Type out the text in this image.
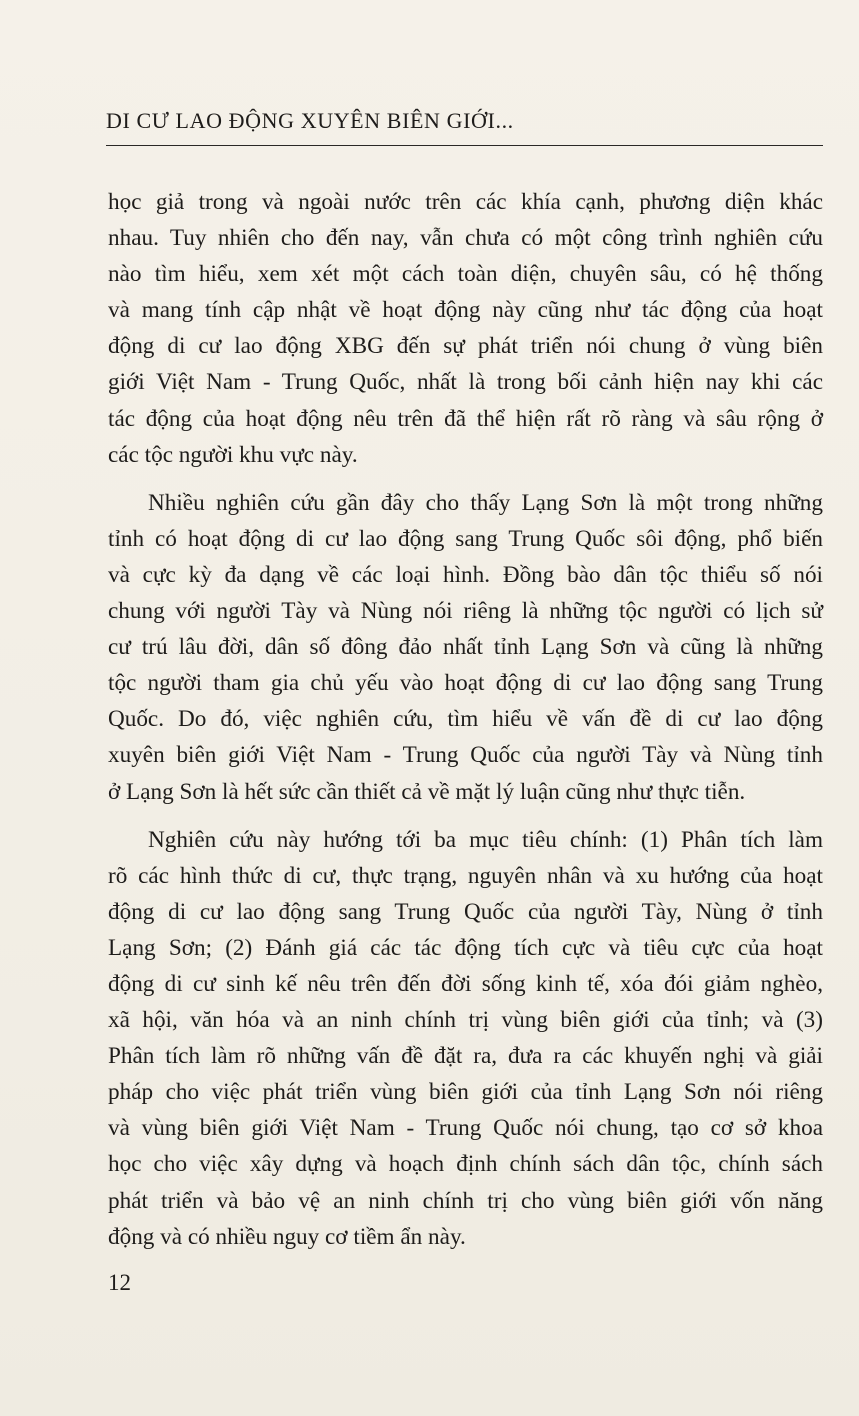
DI CƯ LAO ĐỘNG XUYÊN BIÊN GIỚI...

học giả trong và ngoài nước trên các khía cạnh, phương diện khác
nhau. Tuy nhiên cho đến nay, vẫn chưa có một công trình nghiên cứu
nào tìm hiểu, xem xét một cách toàn diện, chuyên sâu, có hệ thống
và mang tính cập nhật về hoạt động này cũng như tác động của hoạt
động di cư lao động XBG đến sự phát triển nói chung ở vùng biên
giới Việt Nam - Trung Quốc, nhất là trong bối cảnh hiện nay khi các
tác động của hoạt động nêu trên đã thể hiện rất rõ ràng và sâu rộng ở
các tộc người khu vực này.

Nhiều nghiên cứu gần đây cho thấy Lạng Sơn là một trong những
tỉnh có hoạt động di cư lao động sang Trung Quốc sôi động, phổ biến
và cực kỳ đa dạng về các loại hình. Đồng bào dân tộc thiểu số nói
chung với người Tày và Nùng nói riêng là những tộc người có lịch sử
cư trú lâu đời, dân số đông đảo nhất tỉnh Lạng Sơn và cũng là những
tộc người tham gia chủ yếu vào hoạt động di cư lao động sang Trung
Quốc. Do đó, việc nghiên cứu, tìm hiểu về vấn đề di cư lao động
xuyên biên giới Việt Nam - Trung Quốc của người Tày và Nùng tỉnh
ở Lạng Sơn là hết sức cần thiết cả về mặt lý luận cũng như thực tiễn.

Nghiên cứu này hướng tới ba mục tiêu chính: (1) Phân tích làm
rõ các hình thức di cư, thực trạng, nguyên nhân và xu hướng của hoạt
động di cư lao động sang Trung Quốc của người Tày, Nùng ở tỉnh
Lạng Sơn; (2) Đánh giá các tác động tích cực và tiêu cực của hoạt
động di cư sinh kế nêu trên đến đời sống kinh tế, xóa đói giảm nghèo,
xã hội, văn hóa và an ninh chính trị vùng biên giới của tỉnh; và (3)
Phân tích làm rõ những vấn đề đặt ra, đưa ra các khuyến nghị và giải
pháp cho việc phát triển vùng biên giới của tỉnh Lạng Sơn nói riêng
và vùng biên giới Việt Nam - Trung Quốc nói chung, tạo cơ sở khoa
học cho việc xây dựng và hoạch định chính sách dân tộc, chính sách
phát triển và bảo vệ an ninh chính trị cho vùng biên giới vốn năng
động và có nhiều nguy cơ tiềm ẩn này.

12
